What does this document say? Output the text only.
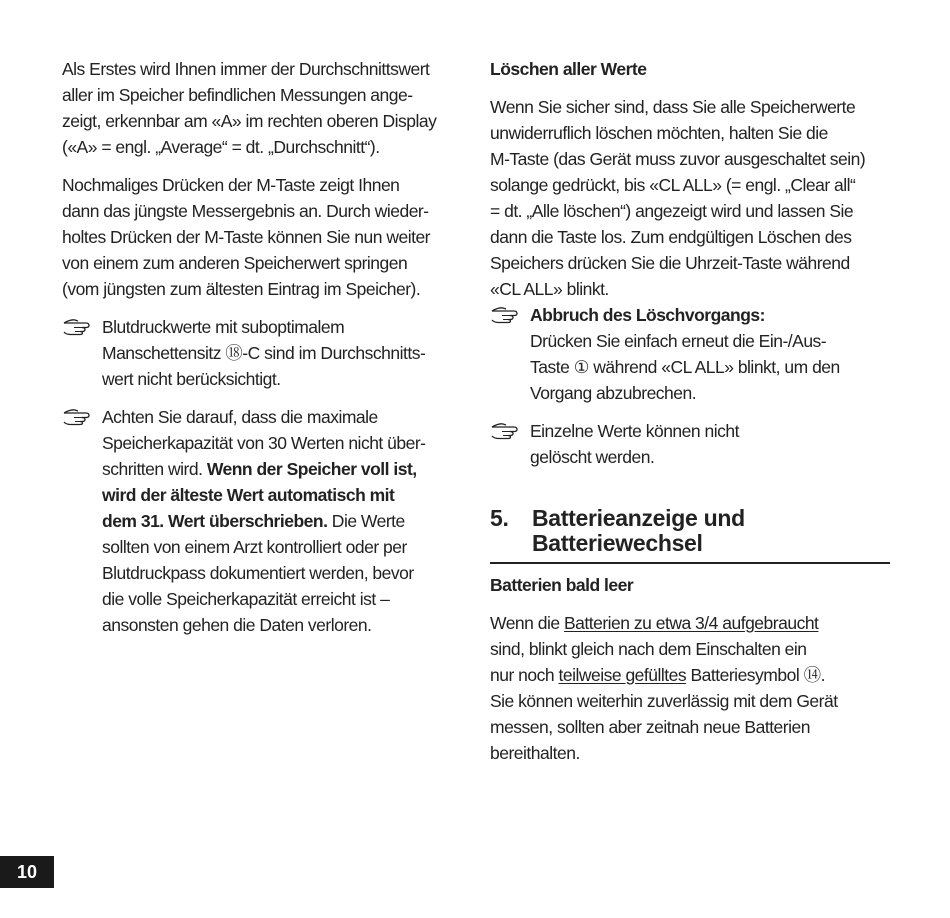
Als Erstes wird Ihnen immer der Durchschnittswert
aller im Speicher befindlichen Messungen ange-
zeigt, erkennbar am «A» im rechten oberen Display
(«A» = engl. „Average“ = dt. „Durchschnitt“).

Nochmaliges Drücken der M-Taste zeigt Ihnen
dann das jüngste Messergebnis an. Durch wieder-
holtes Drücken der M-Taste können Sie nun weiter
von einem zum anderen Speicherwert springen
(vom jüngsten zum ältesten Eintrag im Speicher).

Blutdruckwerte mit suboptimalem
Manschettensitz ⑱-C sind im Durchschnitts-
wert nicht berücksichtigt.
Achten Sie darauf, dass die maximale
Speicherkapazität von 30 Werten nicht über-
schritten wird. Wenn der Speicher voll ist,
wird der älteste Wert automatisch mit
dem 31. Wert überschrieben. Die Werte
sollten von einem Arzt kontrolliert oder per
Blutdruckpass dokumentiert werden, bevor
die volle Speicherkapazität erreicht ist –
ansonsten gehen die Daten verloren.
Löschen aller Werte

Wenn Sie sicher sind, dass Sie alle Speicherwerte
unwiderruflich löschen möchten, halten Sie die
M-Taste (das Gerät muss zuvor ausgeschaltet sein)
solange gedrückt, bis «CL ALL» (= engl. „Clear all“
= dt. „Alle löschen“) angezeigt wird und lassen Sie
dann die Taste los. Zum endgültigen Löschen des
Speichers drücken Sie die Uhrzeit-Taste während
«CL ALL» blinkt.

Abbruch des Löschvorgangs:
Drücken Sie einfach erneut die Ein-/Aus-
Taste ① während «CL ALL» blinkt, um den
Vorgang abzubrechen.
Einzelne Werte können nicht
gelöscht werden.
5.	Batterieanzeige und
Batteriewechsel
Batterien bald leer

Wenn die Batterien zu etwa 3/4 aufgebraucht
sind, blinkt gleich nach dem Einschalten ein
nur noch teilweise gefülltes Batteriesymbol ⑭.
Sie können weiterhin zuverlässig mit dem Gerät
messen, sollten aber zeitnah neue Batterien
bereithalten.

10
